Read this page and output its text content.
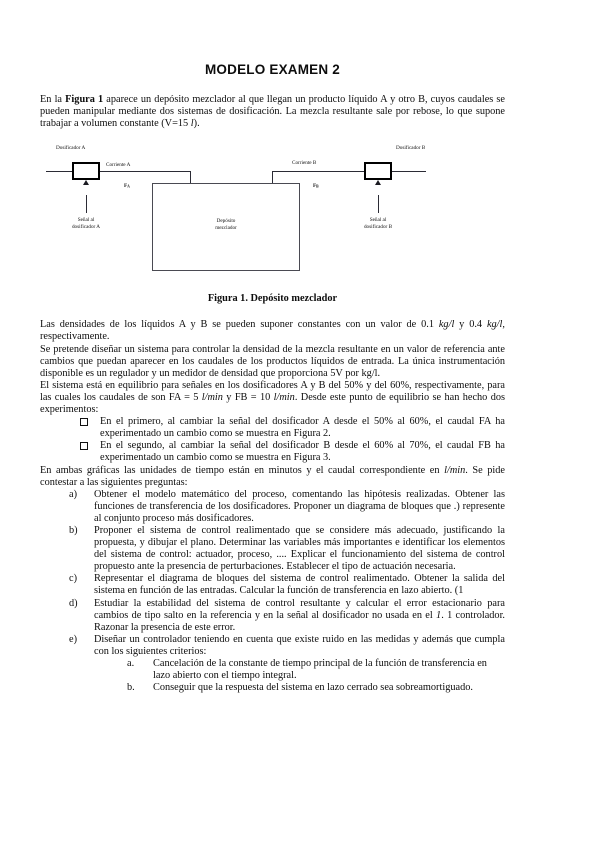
MODELO EXAMEN 2

En la Figura 1 aparece un depósito mezclador al que llegan un producto líquido A y otro B, cuyos caudales se pueden manipular mediante dos sistemas de dosificación. La mezcla resultante sale por rebose, lo que supone trabajar a volumen constante (V=15 l).

Dosificador A	Dosificador B
Señal al
dosificador A
Corriente A
FA
Señal al
dosificador B
Corriente B
FB
Depósito
mezclador

Figura 1. Depósito mezclador

Las densidades de los líquidos A y B se pueden suponer constantes con un valor de 0.1 kg/l y 0.4 kg/l, respectivamente.

Se pretende diseñar un sistema para controlar la densidad de la mezcla resultante en un valor de referencia ante cambios que puedan aparecer en los caudales de los productos líquidos de entrada. La única instrumentación disponible es un regulador y un medidor de densidad que proporciona 5V por kg/l.

El sistema está en equilibrio para señales en los dosificadores A y B del 50% y del 60%, respectivamente, para las cuales los caudales de son FA = 5 l/min y FB = 10 l/min. Desde este punto de equilibrio se han hecho dos experimentos:

En el primero, al cambiar la señal del dosificador A desde el 50% al 60%, el caudal FA ha experimentado un cambio como se muestra en Figura 2.
En el segundo, al cambiar la señal del dosificador B desde el 60% al 70%, el caudal FB ha experimentado un cambio como se muestra en Figura 3.

En ambas gráficas las unidades de tiempo están en minutos y el caudal correspondiente en l/min. Se pide contestar a las siguientes preguntas:

a)	Obtener el modelo matemático del proceso, comentando las hipótesis realizadas. Obtener las funciones de transferencia de los dosificadores. Proponer un diagrama de bloques que .) represente al conjunto proceso más dosificadores.
b)	Proponer el sistema de control realimentado que se considere más adecuado, justificando la propuesta, y dibujar el plano. Determinar las variables más importantes e identificar los elementos del sistema de control: actuador, proceso, .... Explicar el funcionamiento del sistema de control propuesto ante la presencia de perturbaciones. Establecer el tipo de actuación necesaria.
c)	Representar el diagrama de bloques del sistema de control realimentado. Obtener la salida del sistema en función de las entradas. Calcular la función de transferencia en lazo abierto. (1
d)	Estudiar la estabilidad del sistema de control resultante y calcular el error estacionario para cambios de tipo salto en la referencia y en la señal al dosificador no usada en el 1. 1 controlador. Razonar la presencia de este error.
e)	Diseñar un controlador teniendo en cuenta que existe ruido en las medidas y además que cumpla con los siguientes criterios:
a.	Cancelación de la constante de tiempo principal de la función de transferencia en lazo abierto con el tiempo integral.
b.	Conseguir que la respuesta del sistema en lazo cerrado sea sobreamortiguado.
